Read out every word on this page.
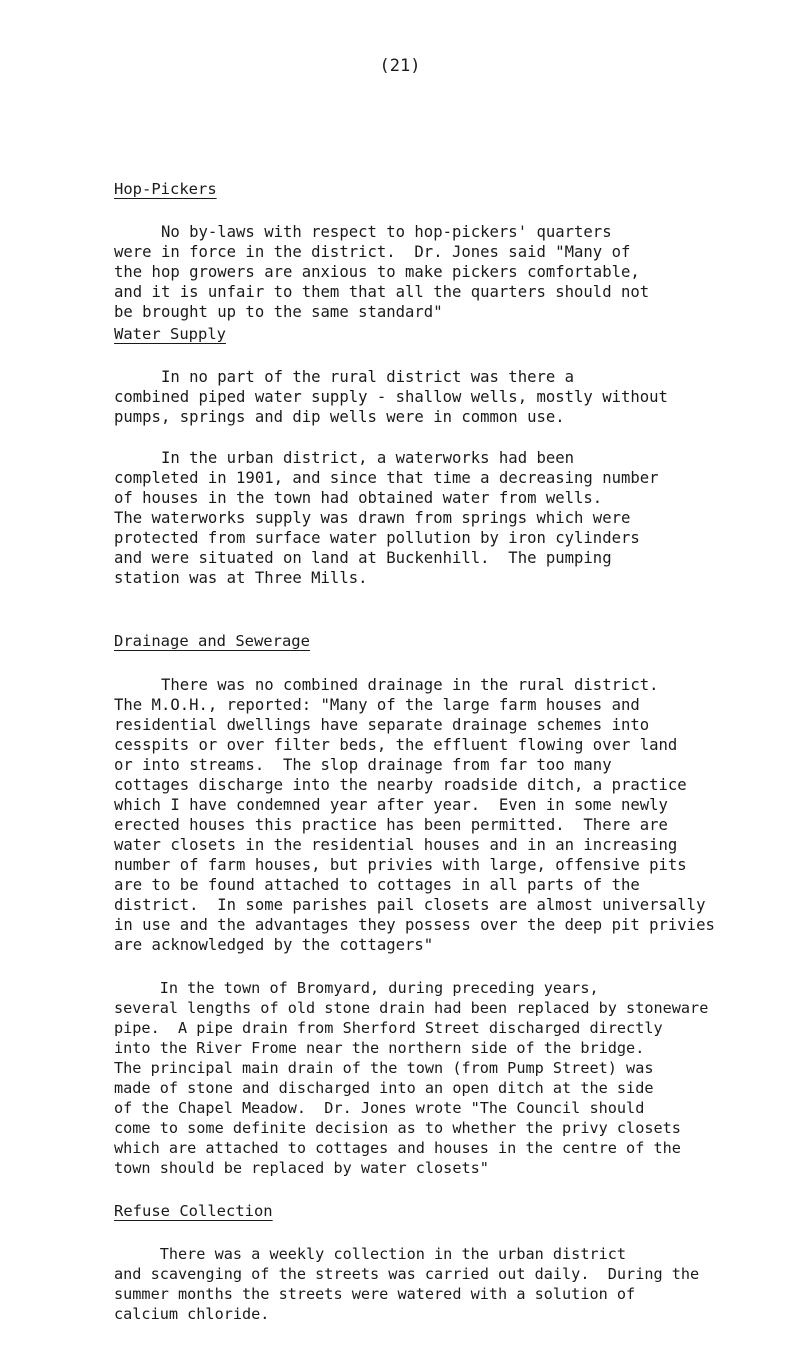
(21)
Hop-Pickers

No by-laws with respect to hop-pickers' quarters
were in force in the district.  Dr. Jones said "Many of
the hop growers are anxious to make pickers comfortable,
and it is unfair to them that all the quarters should not
be brought up to the same standard"

Water Supply

In no part of the rural district was there a
combined piped water supply - shallow wells, mostly without
pumps, springs and dip wells were in common use.

In the urban district, a waterworks had been
completed in 1901, and since that time a decreasing number
of houses in the town had obtained water from wells.
The waterworks supply was drawn from springs which were
protected from surface water pollution by iron cylinders
and were situated on land at Buckenhill.  The pumping
station was at Three Mills.

Drainage and Sewerage

There was no combined drainage in the rural district.
The M.O.H., reported: "Many of the large farm houses and
residential dwellings have separate drainage schemes into
cesspits or over filter beds, the effluent flowing over land
or into streams.  The slop drainage from far too many
cottages discharge into the nearby roadside ditch, a practice
which I have condemned year after year.  Even in some newly
erected houses this practice has been permitted.  There are
water closets in the residential houses and in an increasing
number of farm houses, but privies with large, offensive pits
are to be found attached to cottages in all parts of the
district.  In some parishes pail closets are almost universally
in use and the advantages they possess over the deep pit privies
are acknowledged by the cottagers"

In the town of Bromyard, during preceding years,
several lengths of old stone drain had been replaced by stoneware
pipe.  A pipe drain from Sherford Street discharged directly
into the River Frome near the northern side of the bridge.
The principal main drain of the town (from Pump Street) was
made of stone and discharged into an open ditch at the side
of the Chapel Meadow.  Dr. Jones wrote "The Council should
come to some definite decision as to whether the privy closets
which are attached to cottages and houses in the centre of the
town should be replaced by water closets"

Refuse Collection

There was a weekly collection in the urban district
and scavenging of the streets was carried out daily.  During the
summer months the streets were watered with a solution of
calcium chloride.
